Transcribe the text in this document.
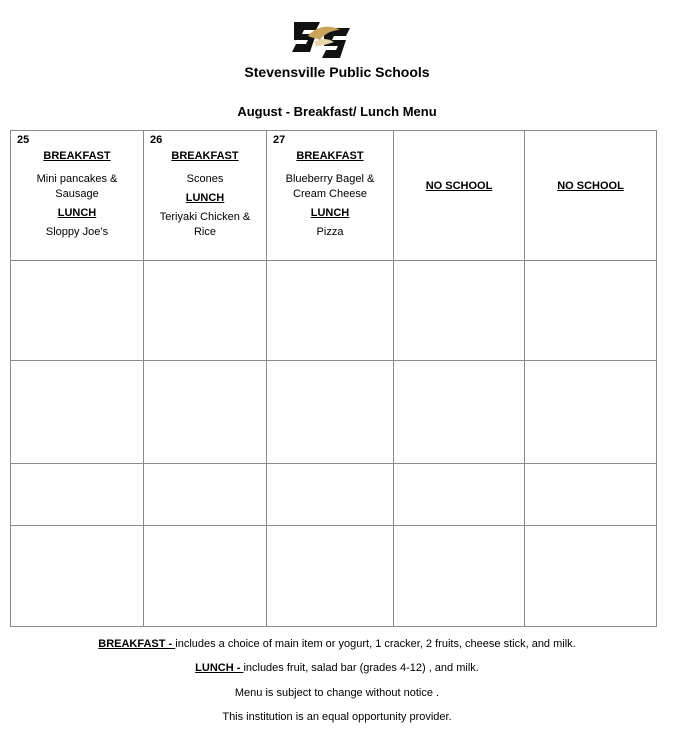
Stevensville Public Schools
August - Breakfast/ Lunch Menu
25
BREAKFAST
Mini pancakes & Sausage
LUNCH
Sloppy Joe’s	26
BREAKFAST
Scones
LUNCH
Teriyaki Chicken & Rice	27
BREAKFAST
Blueberry Bagel & Cream Cheese
LUNCH
Pizza	NO SCHOOL	NO SCHOOL

BREAKFAST - includes a choice of main item or yogurt, 1 cracker, 2 fruits, cheese stick, and milk.
LUNCH - includes fruit, salad bar (grades 4-12) , and milk.
Menu is subject to change without notice .
This institution is an equal opportunity provider.
